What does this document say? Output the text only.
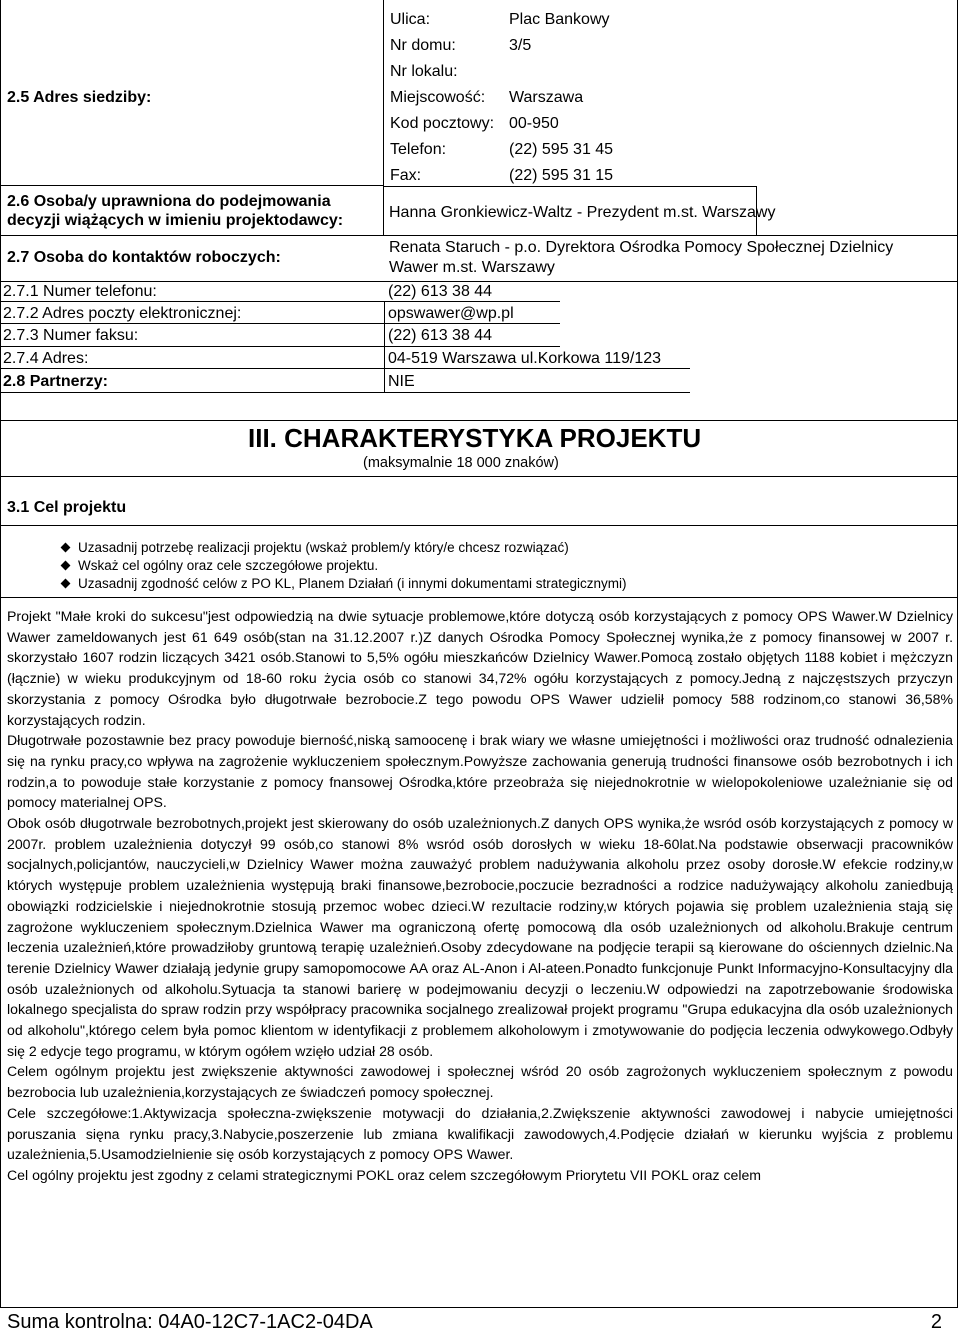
2.5 Adres siedziby:
Ulica:	Plac Bankowy
Nr domu:	3/5
Nr lokalu:
Miejscowość: Warszawa
Kod pocztowy: 00-950
Telefon:	(22) 595 31 45
Fax:	(22) 595 31 15
2.6 Osoba/y uprawniona do podejmowania
decyzji wiążących w imieniu projektodawcy:	Hanna Gronkiewicz-Waltz - Prezydent m.st. Warszawy
2.7 Osoba do kontaktów roboczych:
Renata Staruch - p.o. Dyrektora Ośrodka Pomocy Społecznej Dzielnicy
Wawer m.st. Warszawy
2.7.1 Numer telefonu:	(22) 613 38 44
2.7.2 Adres poczty elektronicznej:	opswawer@wp.pl
2.7.3 Numer faksu:	(22) 613 38 44
2.7.4 Adres:	04-519 Warszawa ul.Korkowa 119/123
2.8 Partnerzy:	NIE
III. CHARAKTERYSTYKA PROJEKTU
(maksymalnie 18 000 znaków)
3.1 Cel projektu
Uzasadnij potrzebę realizacji projektu (wskaż problem/y który/e chcesz rozwiązać)
Wskaż cel ogólny oraz cele szczegółowe projektu.
Uzasadnij zgodność celów z PO KL, Planem Działań (i innymi dokumentami strategicznymi)

Projekt "Małe kroki do sukcesu"jest odpowiedzią na dwie sytuacje problemowe,które dotyczą osób korzystających z pomocy OPS Wawer.W Dzielnicy Wawer zameldowanych jest 61 649 osób(stan na 31.12.2007 r.)Z danych Ośrodka Pomocy Społecznej wynika,że z pomocy finansowej w 2007 r. skorzystało 1607 rodzin liczących 3421 osób.Stanowi to 5,5% ogółu mieszkańców Dzielnicy Wawer.Pomocą zostało objętych 1188 kobiet i mężczyzn (łącznie) w wieku produkcyjnym od 18-60 roku życia osób co stanowi 34,72% ogółu korzystających z pomocy.Jedną z najczęstszych przyczyn skorzystania z pomocy Ośrodka było długotrwałe bezrobocie.Z tego powodu OPS Wawer udzielił pomocy 588 rodzinom,co stanowi 36,58% korzystających rodzin.

Długotrwałe pozostawnie bez pracy powoduje bierność,niską samoocenę i brak wiary we własne umiejętności i możliwości oraz trudność odnalezienia się na rynku pracy,co wpływa na zagrożenie wykluczeniem społecznym.Powyższe zachowania generują trudności finansowe osób bezrobotnych i ich rodzin,a to powoduje stałe korzystanie z pomocy fnansowej Ośrodka,które przeobraża się niejednokrotnie w wielopokoleniowe uzależnianie się od pomocy materialnej OPS.

Obok osób długotrwale bezrobotnych,projekt jest skierowany do osób uzależnionych.Z danych OPS wynika,że wsród osób korzystających z pomocy w 2007r. problem uzależnienia dotyczył 99 osób,co stanowi 8% wsród osób dorosłych w wieku 18-60lat.Na podstawie obserwacji pracowników socjalnych,policjantów, nauczycieli,w Dzielnicy Wawer można zauważyć problem nadużywania alkoholu przez osoby dorosłe.W efekcie rodziny,w których występuje problem uzależnienia występują braki finansowe,bezrobocie,poczucie bezradności a rodzice nadużywający alkoholu zaniedbują obowiązki rodzicielskie i niejednokrotnie stosują przemoc wobec dzieci.W rezultacie rodziny,w których pojawia się problem uzależnienia stają się zagrożone wykluczeniem społecznym.Dzielnica Wawer ma ograniczoną ofertę pomocową dla osób uzależnionych od alkoholu.Brakuje centrum leczenia uzależnień,które prowadziłoby gruntową terapię uzależnień.Osoby zdecydowane na podjęcie terapii są kierowane do ościennych dzielnic.Na terenie Dzielnicy Wawer działają jedynie grupy samopomocowe AA oraz AL-Anon i Al-ateen.Ponadto funkcjonuje Punkt Informacyjno-Konsultacyjny dla osób uzależnionych od alkoholu.Sytuacja ta stanowi barierę w podejmowaniu decyzji o leczeniu.W odpowiedzi na zapotrzebowanie środowiska lokalnego specjalista do spraw rodzin przy współpracy pracownika socjalnego zrealizował projekt programu "Grupa edukacyjna dla osób uzależnionych od alkoholu",którego celem była pomoc klientom w identyfikacji z problemem alkoholowym i zmotywowanie do podjęcia leczenia odwykowego.Odbyły się 2 edycje tego programu, w którym ogółem wzięło udział 28 osób.

Celem ogólnym projektu jest zwiększenie aktywności zawodowej i społecznej wśród 20 osób zagrożonych wykluczeniem społecznym z powodu bezrobocia lub uzależnienia,korzystających ze świadczeń pomocy społecznej.

Cele szczegółowe:1.Aktywizacja społeczna-zwiększenie motywacji do działania,2.Zwiększenie aktywności zawodowej i nabycie umiejętności poruszania sięna rynku pracy,3.Nabycie,poszerzenie lub zmiana kwalifikacji zawodowych,4.Podjęcie działań w kierunku wyjścia z problemu uzależnienia,5.Usamodzielnienie się osób korzystających z pomocy OPS Wawer.

Cel ogólny projektu jest zgodny z celami strategicznymi POKL oraz celem szczegółowym Priorytetu VII POKL oraz celem

Suma kontrolna: 04A0-12C7-1AC2-04DA	2
